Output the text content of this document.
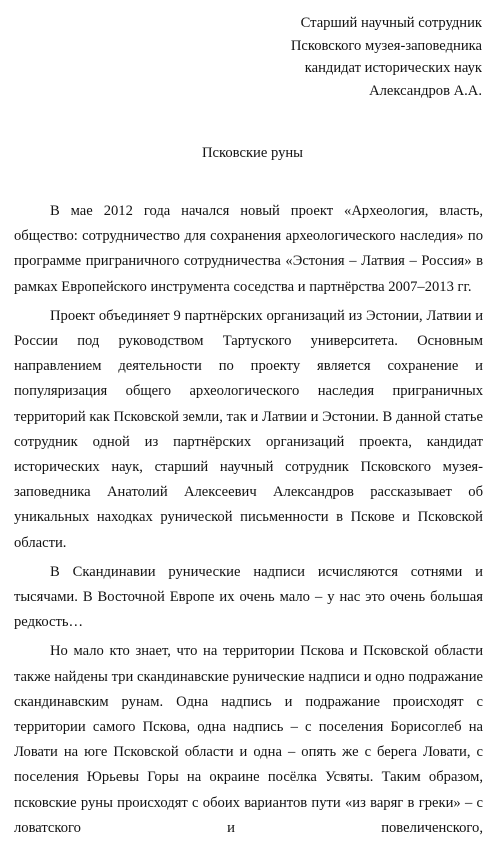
Старший научный сотрудник
Псковского музея-заповедника
кандидат исторических наук
Александров А.А.
Псковские руны

В мае 2012 года начался новый проект «Археология, власть, общество: сотрудничество для сохранения археологического наследия» по программе приграничного сотрудничества «Эстония – Латвия – Россия» в рамках Европейского инструмента соседства и партнёрства 2007–2013 гг.

Проект объединяет 9 партнёрских организаций из Эстонии, Латвии и России под руководством Тартуского университета. Основным направлением деятельности по проекту является сохранение и популяризация общего археологического наследия приграничных территорий как Псковской земли, так и Латвии и Эстонии. В данной статье сотрудник одной из партнёрских организаций проекта, кандидат исторических наук, старший научный сотрудник Псковского музея-заповедника Анатолий Алексеевич Александров рассказывает об уникальных находках рунической письменности в Пскове и Псковской области.

В Скандинавии рунические надписи исчисляются сотнями и тысячами. В Восточной Европе их очень мало – у нас это очень большая редкость…

Но мало кто знает, что на территории Пскова и Псковской области также найдены три скандинавские рунические надписи и одно подражание скандинавским рунам. Одна надпись и подражание происходят с территории самого Пскова, одна надпись – с поселения Борисоглеб на Ловати на юге Псковской области и одна – опять же с берега Ловати, с поселения Юрьевы Горы на окраине посёлка Усвяты. Таким образом, псковские руны происходят с обоих вариантов пути «из варяг в греки» – с ловатского и повеличенского,
